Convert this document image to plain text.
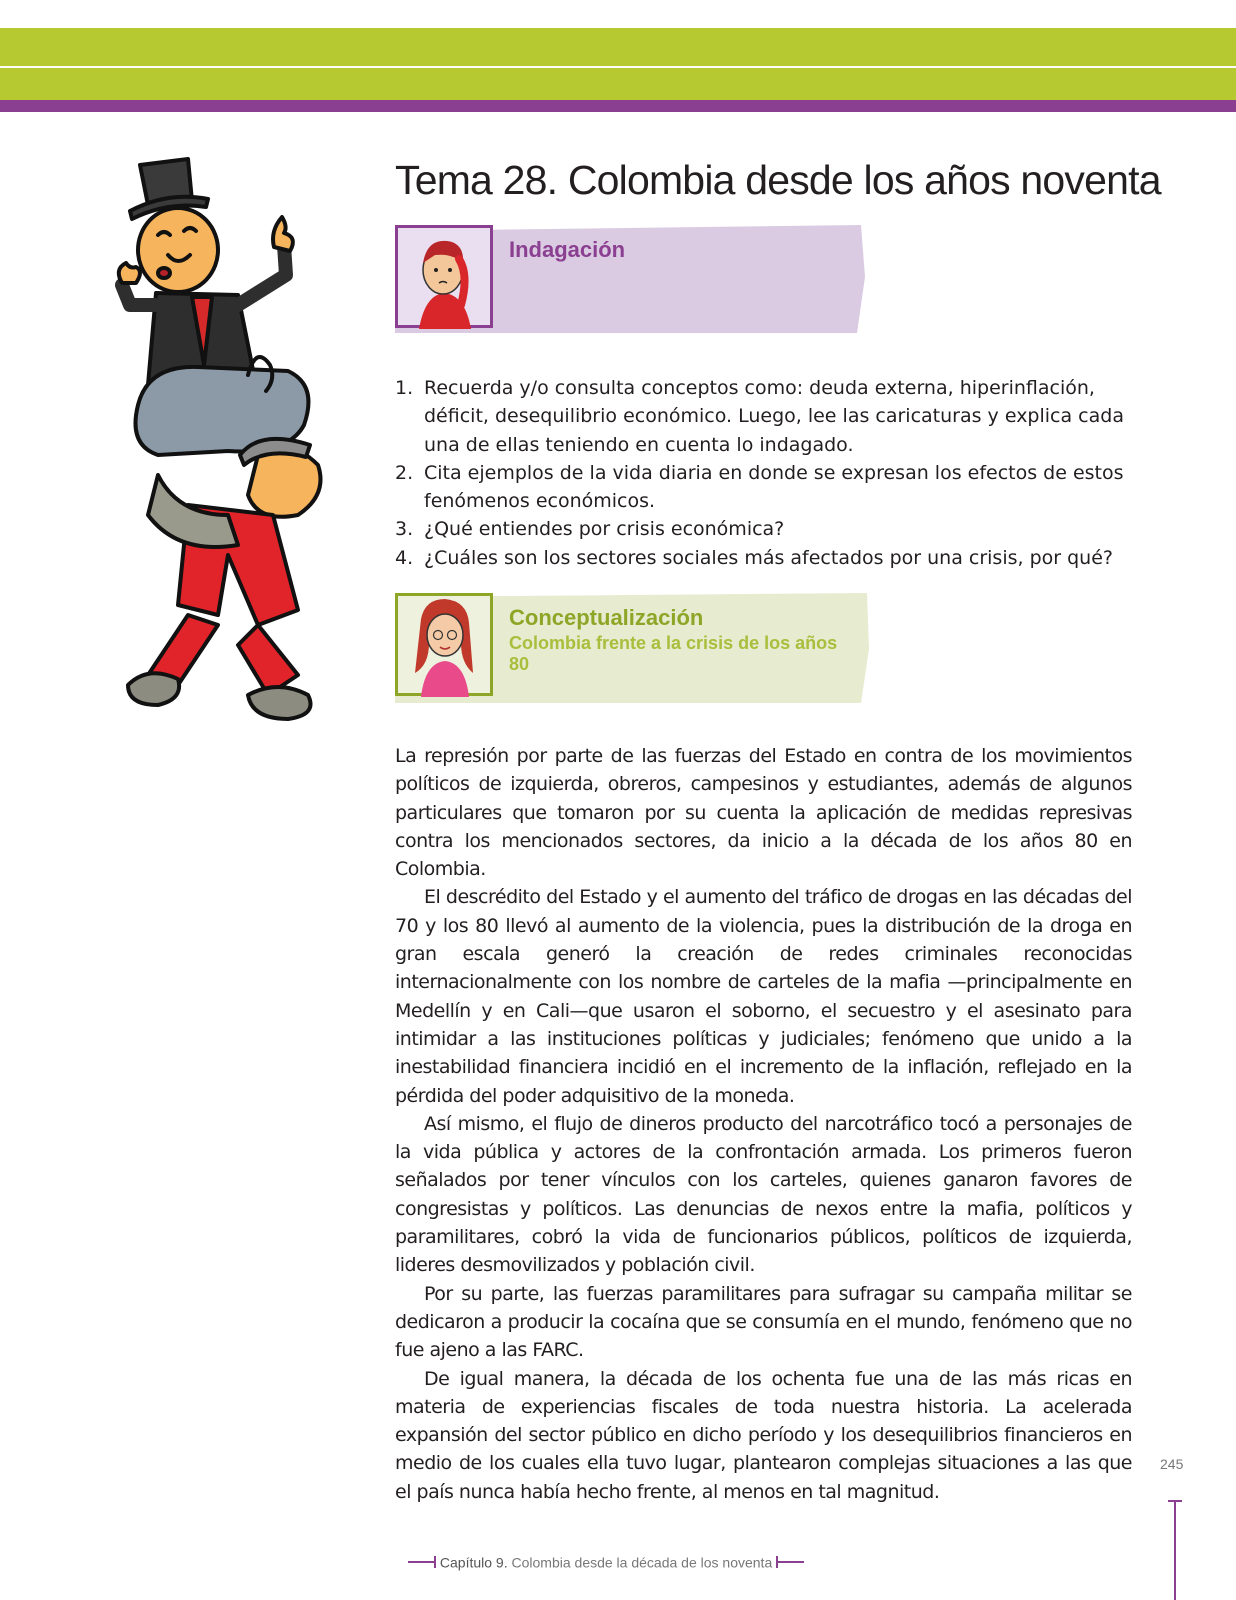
Tema 28. Colombia desde los años noventa
Indagación
1. Recuerda y/o consulta conceptos como: deuda externa, hiperinflación, déficit, desequilibrio económico. Luego, lee las caricaturas y explica cada una de ellas teniendo en cuenta lo indagado.
2. Cita ejemplos de la vida diaria en donde se expresan los efectos de estos fenómenos económicos.
3. ¿Qué entiendes por crisis económica?
4. ¿Cuáles son los sectores sociales más afectados por una crisis, por qué?
Conceptualización
Colombia frente a la crisis de los años 80

La represión por parte de las fuerzas del Estado en contra de los movimientos políticos de izquierda, obreros, campesinos y estudiantes, además de algunos particulares que tomaron por su cuenta la aplicación de medidas represivas contra los mencionados sectores, da inicio a la década de los años 80 en Colombia.

El descrédito del Estado y el aumento del tráfico de drogas en las décadas del 70 y los 80 llevó al aumento de la violencia, pues la distribución de la droga en gran escala generó la creación de redes criminales reconocidas internacionalmente con los nombre de carteles de la mafia —principalmente en Medellín y en Cali—que usaron el soborno, el secuestro y el asesinato para intimidar a las instituciones políticas y judiciales; fenómeno que unido a la inestabilidad financiera incidió en el incremento de la inflación, reflejado en la pérdida del poder adquisitivo de la moneda.

Así mismo, el flujo de dineros producto del narcotráfico tocó a personajes de la vida pública y actores de la confrontación armada. Los primeros fueron señalados por tener vínculos con los carteles, quienes ganaron favores de congresistas y políticos. Las denuncias de nexos entre la mafia, políticos y paramilitares, cobró la vida de funcionarios públicos, políticos de izquierda, lideres desmovilizados y población civil.

Por su parte, las fuerzas paramilitares para sufragar su campaña militar se dedicaron a producir la cocaína que se consumía en el mundo, fenómeno que no fue ajeno a las FARC.

De igual manera, la década de los ochenta fue una de las más ricas en materia de experiencias fiscales de toda nuestra historia. La acelerada expansión del sector público en dicho período y los desequilibrios financieros en medio de los cuales ella tuvo lugar, plantearon complejas situaciones a las que el país nunca había hecho frente, al menos en tal magnitud.

245
Capítulo 9. Colombia desde la década de los noventa
